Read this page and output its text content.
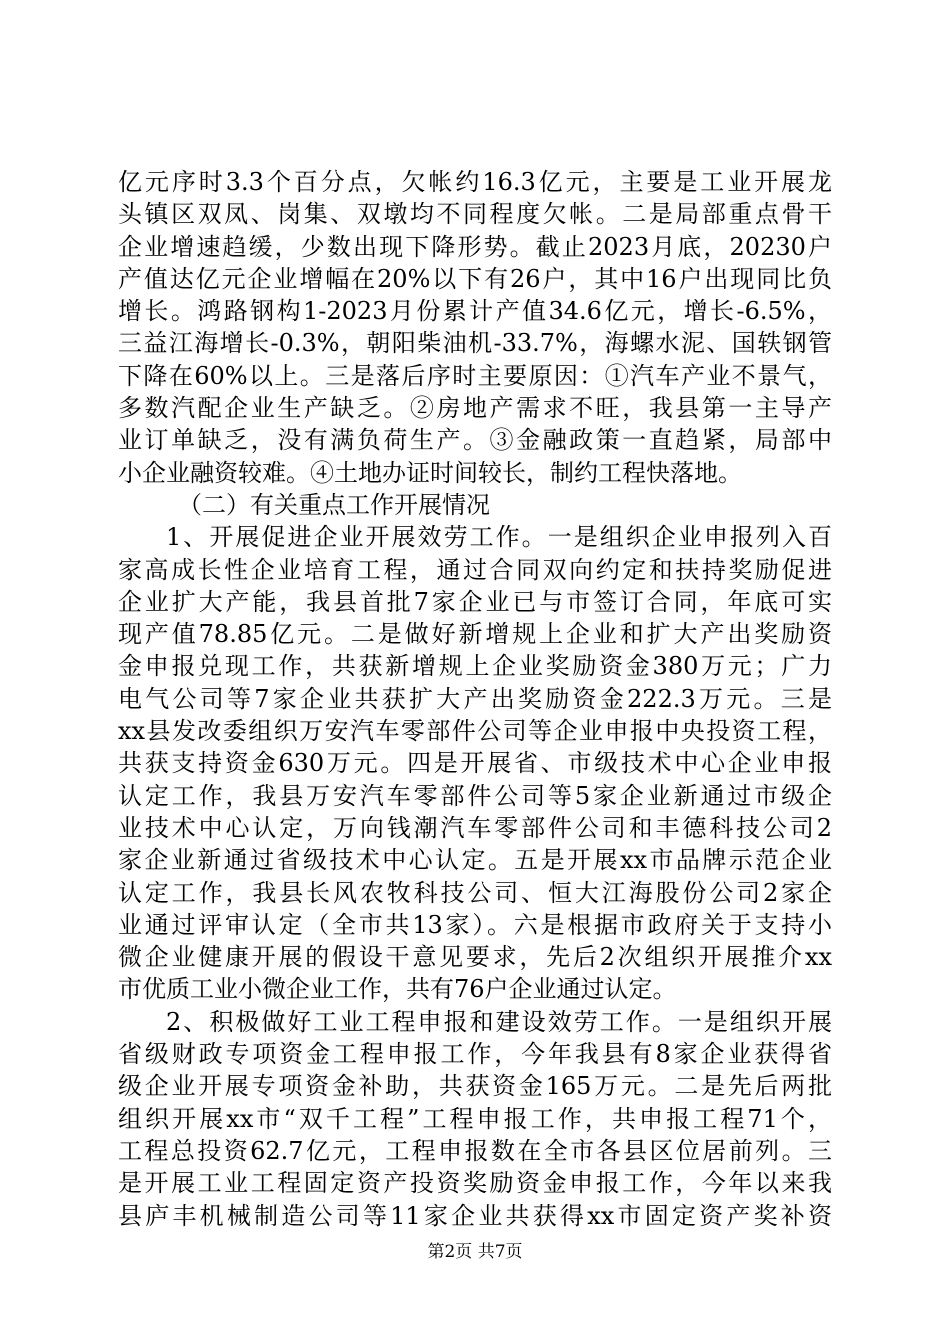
亿元序时3.3个百分点，欠帐约16.3亿元，主要是工业开展龙
头镇区双凤、岗集、双墩均不同程度欠帐。二是局部重点骨干
企业增速趋缓，少数出现下降形势。截止2023月底，20230户
产值达亿元企业增幅在20%以下有26户，其中16户出现同比负
增长。鸿路钢构1-2023月份累计产值34.6亿元，增长-6.5%，
三益江海增长-0.3%，朝阳柴油机-33.7%，海螺水泥、国轶钢管
下降在60%以上。三是落后序时主要原因：①汽车产业不景气，
多数汽配企业生产缺乏。②房地产需求不旺，我县第一主导产
业订单缺乏，没有满负荷生产。③金融政策一直趋紧，局部中
小企业融资较难。④土地办证时间较长，制约工程快落地。
（二）有关重点工作开展情况
1、开展促进企业开展效劳工作。一是组织企业申报列入百
家高成长性企业培育工程，通过合同双向约定和扶持奖励促进
企业扩大产能，我县首批7家企业已与市签订合同，年底可实
现产值78.85亿元。二是做好新增规上企业和扩大产出奖励资
金申报兑现工作，共获新增规上企业奖励资金380万元；广力
电气公司等7家企业共获扩大产出奖励资金222.3万元。三是
xx县发改委组织万安汽车零部件公司等企业申报中央投资工程，
共获支持资金630万元。四是开展省、市级技术中心企业申报
认定工作，我县万安汽车零部件公司等5家企业新通过市级企
业技术中心认定，万向钱潮汽车零部件公司和丰德科技公司2
家企业新通过省级技术中心认定。五是开展xx市品牌示范企业
认定工作，我县长风农牧科技公司、恒大江海股份公司2家企
业通过评审认定（全市共13家）。六是根据市政府关于支持小
微企业健康开展的假设干意见要求，先后2次组织开展推介xx
市优质工业小微企业工作，共有76户企业通过认定。
2、积极做好工业工程申报和建设效劳工作。一是组织开展
省级财政专项资金工程申报工作，今年我县有8家企业获得省
级企业开展专项资金补助，共获资金165万元。二是先后两批
组织开展xx市“双千工程”工程申报工作，共申报工程71个，
工程总投资62.7亿元，工程申报数在全市各县区位居前列。三
是开展工业工程固定资产投资奖励资金申报工作，今年以来我
县庐丰机械制造公司等11家企业共获得xx市固定资产奖补资
第2页 共7页
